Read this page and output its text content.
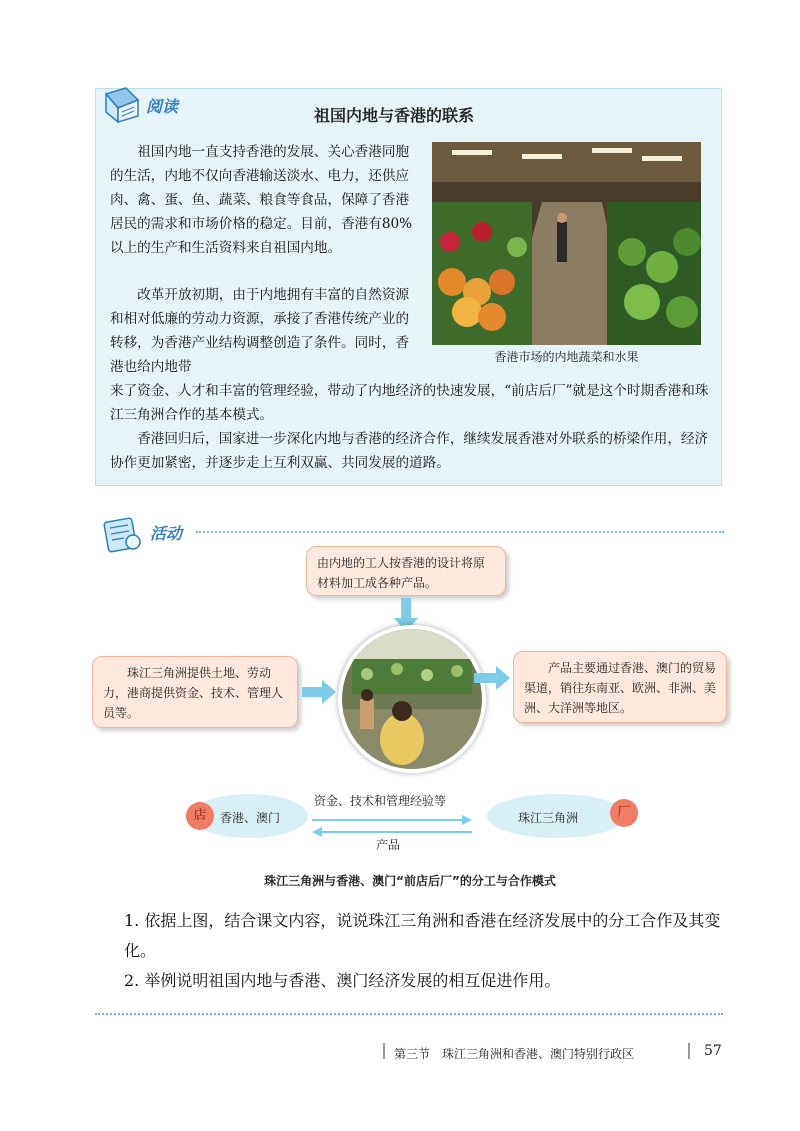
阅读	祖国内地与香港的联系
祖国内地一直支持香港的发展、关心香港同胞的生活，内地不仅向香港输送淡水、电力，还供应肉、禽、蛋、鱼、蔬菜、粮食等食品，保障了香港居民的需求和市场价格的稳定。目前，香港有80%以上的生产和生活资料来自祖国内地。
改革开放初期，由于内地拥有丰富的自然资源和相对低廉的劳动力资源，承接了香港传统产业的转移，为香港产业结构调整创造了条件。同时，香港也给内地带
来了资金、人才和丰富的管理经验，带动了内地经济的快速发展，“前店后厂”就是这个时期香港和珠江三角洲合作的基本模式。
香港回归后，国家进一步深化内地与香港的经济合作，继续发展香港对外联系的桥梁作用，经济协作更加紧密，并逐步走上互利双赢、共同发展的道路。
香港市场的内地蔬菜和水果
活动
由内地的工人按香港的设计将原材料加工成各种产品。
珠江三角洲提供土地、劳动力，港商提供资金、技术、管理人员等。
产品主要通过香港、澳门的贸易渠道，销往东南亚、欧洲、非洲、美洲、大洋洲等地区。
店	香港、澳门
资金、技术和管理经验等
产品
珠江三角洲	厂
珠江三角洲与香港、澳门“前店后厂”的分工与合作模式
1. 依据上图，结合课文内容，说说珠江三角洲和香港在经济发展中的分工合作及其变化。
2. 举例说明祖国内地与香港、澳门经济发展的相互促进作用。
第三节　珠江三角洲和香港、澳门特别行政区	57
